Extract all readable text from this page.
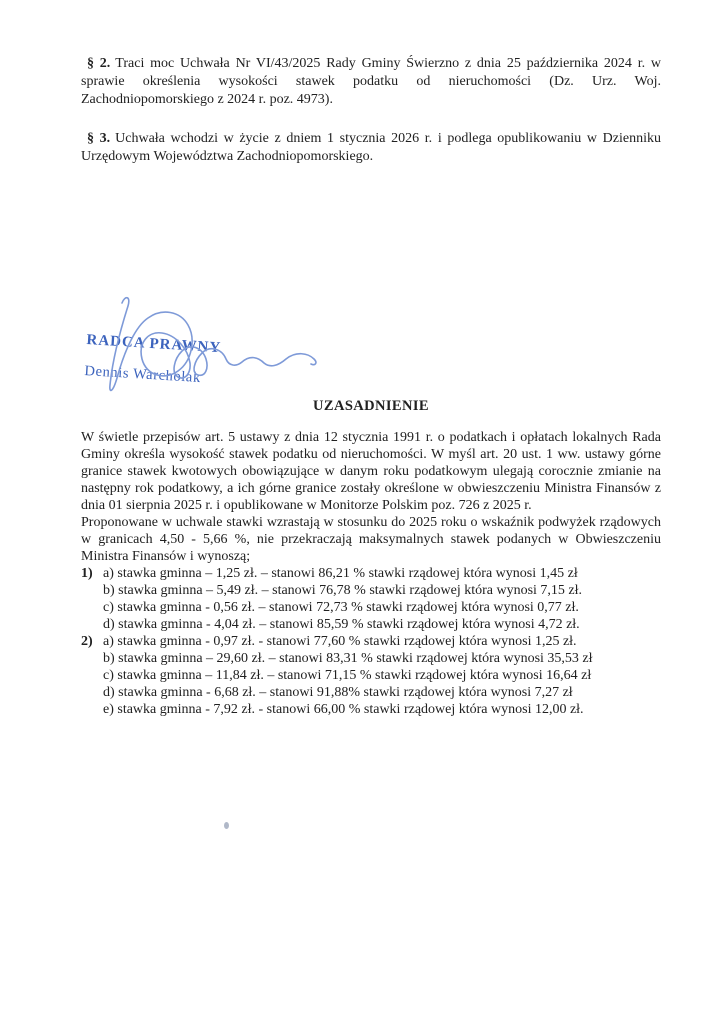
§ 2. Traci moc Uchwała Nr VI/43/2025 Rady Gminy Świerzno z dnia 25 października 2024 r. w sprawie określenia wysokości stawek podatku od nieruchomości (Dz. Urz. Woj. Zachodniopomorskiego z 2024 r. poz. 4973).

§ 3. Uchwała wchodzi w życie z dniem 1 stycznia 2026 r. i podlega opublikowaniu w Dzienniku Urzędowym Województwa Zachodniopomorskiego.

RADCA PRAWNY
Dennis Warcholak
UZASADNIENIE

W świetle przepisów art. 5 ustawy z dnia 12 stycznia 1991 r. o podatkach i opłatach lokalnych Rada Gminy określa wysokość stawek podatku od nieruchomości. W myśl art. 20 ust. 1 ww. ustawy górne granice stawek kwotowych obowiązujące w danym roku podatkowym ulegają corocznie zmianie na następny rok podatkowy, a ich górne granice zostały określone w obwieszczeniu Ministra Finansów z dnia 01 sierpnia 2025 r. i opublikowane w Monitorze Polskim poz. 726 z 2025 r.

Proponowane w uchwale stawki wzrastają w stosunku do 2025 roku o wskaźnik podwyżek rządowych w granicach 4,50 - 5,66 %, nie przekraczają maksymalnych stawek podanych w Obwieszczeniu Ministra Finansów i wynoszą;

1) a) stawka gminna – 1,25 zł. – stanowi 86,21 % stawki rządowej która wynosi 1,45 zł
b) stawka gminna – 5,49 zł. – stanowi 76,78 % stawki rządowej która wynosi 7,15 zł.
c) stawka gminna - 0,56 zł. – stanowi 72,73 % stawki rządowej która wynosi 0,77 zł.
d) stawka gminna - 4,04 zł. – stanowi 85,59 % stawki rządowej która wynosi 4,72 zł.
2) a) stawka gminna - 0,97 zł. - stanowi 77,60 % stawki rządowej która wynosi 1,25 zł.
b) stawka gminna – 29,60 zł. – stanowi 83,31 % stawki rządowej która wynosi 35,53 zł
c) stawka gminna – 11,84 zł. – stanowi 71,15 % stawki rządowej która wynosi 16,64 zł
d) stawka gminna - 6,68 zł. – stanowi 91,88% stawki rządowej która wynosi 7,27 zł
e) stawka gminna - 7,92 zł. - stanowi 66,00 % stawki rządowej która wynosi 12,00 zł.
